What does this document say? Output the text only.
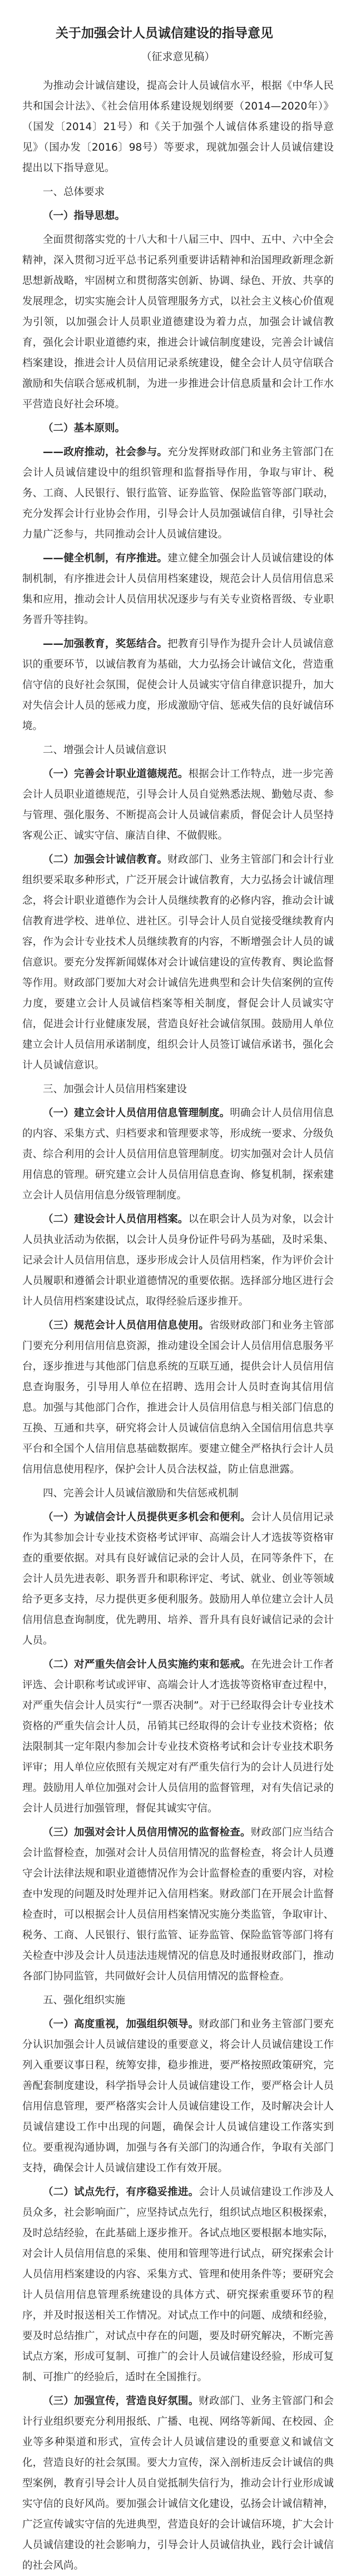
关于加强会计人员诚信建设的指导意见
（征求意见稿）

为推动会计诚信建设，提高会计人员诚信水平，根据《中华人民共和国会计法》、《社会信用体系建设规划纲要（2014—2020年）》（国发〔2014〕21号）和《关于加强个人诚信体系建设的指导意见》（国办发〔2016〕98号）等要求，现就加强会计人员诚信建设提出以下指导意见。

一、总体要求
（一）指导思想。

全面贯彻落实党的十八大和十八届三中、四中、五中、六中全会精神，深入贯彻习近平总书记系列重要讲话精神和治国理政新理念新思想新战略，牢固树立和贯彻落实创新、协调、绿色、开放、共享的发展理念，切实实施会计人员管理服务方式，以社会主义核心价值观为引领，以加强会计人员职业道德建设为着力点，加强会计诚信教育，强化会计职业道德约束，推进会计诚信制度建设，完善会计诚信档案建设，推进会计人员信用记录系统建设，健全会计人员守信联合激励和失信联合惩戒机制，为进一步推进会计信息质量和会计工作水平营造良好社会环境。

（二）基本原则。

——政府推动，社会参与。充分发挥财政部门和业务主管部门在会计人员诚信建设中的组织管理和监督指导作用，争取与审计、税务、工商、人民银行、银行监管、证券监管、保险监管等部门联动，充分发挥会计行业协会作用，引导会计人员加强诚信自律，引导社会力量广泛参与，共同推动会计人员诚信建设。

——健全机制，有序推进。建立健全加强会计人员诚信建设的体制机制，有序推进会计人员信用档案建设，规范会计人员信用信息采集和应用，推动会计人员信用状况逐步与有关专业资格晋级、专业职务晋升等挂钩。

——加强教育，奖惩结合。把教育引导作为提升会计人员诚信意识的重要环节，以诚信教育为基础，大力弘扬会计诚信文化，营造重信守信的良好社会氛围，促使会计人员诚实守信自律意识提升，加大对失信会计人员的惩戒力度，形成激励守信、惩戒失信的良好诚信环境。

二、增强会计人员诚信意识

（一）完善会计职业道德规范。根据会计工作特点，进一步完善会计人员职业道德规范，引导会计人员自觉熟悉法规、勤勉尽责、参与管理、强化服务、不断提高会计人员诚信素质，督促会计人员坚持客观公正、诚实守信、廉洁自律、不做假账。

（二）加强会计诚信教育。财政部门、业务主管部门和会计行业组织要采取多种形式，广泛开展会计诚信教育，大力弘扬会计诚信理念，将会计职业道德作为会计人员继续教育的必修内容，推动会计诚信教育进学校、进单位、进社区。引导会计人员自觉接受继续教育内容，作为会计专业技术人员继续教育的内容，不断增强会计人员的诚信意识。要充分发挥新闻媒体对会计诚信建设的宣传教育、舆论监督等作用。财政部门要加大对会计诚信先进典型和会计失信案例的宣传力度，要建立会计人员诚信档案等相关制度，督促会计人员诚实守信，促进会计行业健康发展，营造良好社会诚信氛围。鼓励用人单位建立会计人员信用承诺制度，组织会计人员签订诚信承诺书，强化会计人员诚信意识。

三、加强会计人员信用档案建设

（一）建立会计人员信用信息管理制度。明确会计人员信用信息的内容、采集方式、归档要求和管理要求等，形成统一要求、分级负责、综合利用的会计人员信用信息管理制度。切实加强对会计人员信用信息的管理。研究建立会计人员信用信息查询、修复机制，探索建立会计人员信用信息分级管理制度。

（二）建设会计人员信用档案。以在职会计人员为对象，以会计人员执业活动为依据，以会计人员身份证件号码为基础，及时采集、记录会计人员信用信息，逐步形成会计人员信用档案，作为评价会计人员履职和遵循会计职业道德情况的重要依据。选择部分地区进行会计人员信用档案建设试点，取得经验后逐步推开。

（三）规范会计人员信用信息使用。省级财政部门和业务主管部门要充分利用信用信息资源，推动建设全国会计人员信用信息服务平台，逐步推进与其他部门信息系统的互联互通，提供会计人员信用信息查询服务，引导用人单位在招聘、选用会计人员时查询其信用信息。加强与其他部门合作，推进会计人员信用信息与相关部门信息的互换、互通和共享，研究将会计人员诚信信息纳入全国信用信息共享平台和全国个人信用信息基础数据库。要建立健全严格执行会计人员信用信息使用程序，保护会计人员合法权益，防止信息泄露。

四、完善会计人员诚信激励和失信惩戒机制

（一）为诚信会计人员提供更多机会和便利。会计人员信用记录作为其参加会计专业技术资格考试评审、高端会计人才选拔等资格审查的重要依据。对具有良好诚信记录的会计人员，在同等条件下，在会计人员先进表彰、职务晋升和职称评定、考试、就业、创业等领域给予更多支持，尽力提供更多便利服务。鼓励用人单位建立会计人员信用信息查询制度，优先聘用、培养、晋升具有良好诚信记录的会计人员。

（二）对严重失信会计人员实施约束和惩戒。在先进会计工作者评选、会计职称考试或评审、高端会计人才选拔等资格审查过程中，对严重失信会计人员实行“一票否决制”。对于已经取得会计专业技术资格的严重失信会计人员，吊销其已经取得的会计专业技术资格；依法限制其一定年限内参加会计专业技术资格考试和会计专业技术职务评审；用人单位应依照有关规定对有严重失信行为的会计人员进行处理。鼓励用人单位加强对会计人员信用的监督管理，对有失信记录的会计人员进行加强管理，督促其诚实守信。

（三）加强对会计人员信用情况的监督检查。财政部门应当结合会计监督检查，加强对会计人员信用情况的监督检查，将会计人员遵守会计法律法规和职业道德情况作为会计监督检查的重要内容，对检查中发现的问题及时处理并记入信用档案。财政部门在开展会计监督检查时，可以根据会计人员信用档案情况实施分类监管，争取审计、税务、工商、人民银行、银行监管、证券监管、保险监管等部门将有关检查中涉及会计人员违法违规情况的信息及时通报财政部门，推动各部门协同监管，共同做好会计人员信用情况的监督检查。

五、强化组织实施

（一）高度重视，加强组织领导。财政部门和业务主管部门要充分认识加强会计人员诚信建设的重要意义，将会计人员诚信建设工作列入重要议事日程，统筹安排，稳步推进，要严格按照政策研究，完善配套制度建设，科学指导会计人员诚信建设工作，要严格会计人员信用信息管理，要严格落实会计人员诚信建设工作，及时解决会计人员诚信建设工作中出现的问题，确保会计人员诚信建设工作落实到位。要重视沟通协调，加强与各有关部门的沟通合作，争取有关部门支持，确保会计人员诚信建设工作有效开展。

（二）试点先行，有序稳妥推进。会计人员诚信建设工作涉及人员众多，社会影响面广，应坚持试点先行，组织试点地区积极探索，及时总结经验，在此基础上逐步推开。各试点地区要根据本地实际，对会计人员信用信息的采集、使用和管理等进行试点，研究探索会计人员信用档案建设的内容、采集方式、管理和使用条件等；要研究会计人员信用信息管理系统建设的具体方式、研究探索重要环节的程序，并及时报送相关工作情况。对试点工作中的问题、成绩和经验，要及时总结推广，对试点中存在的问题，要及时研究解决，不断完善试点方案，形成可复制、可推广的会计人员诚信建设经验，形成可复制、可推广的经验后，适时在全国推行。

（三）加强宣传，营造良好氛围。财政部门、业务主管部门和会计行业组织要充分利用报纸、广播、电视、网络等新闻、在校园、企业等多种渠道和形式，宣传会计人员诚信建设的重要意义和诚信文化，营造良好的社会氛围。要大力宣传，深入剖析违反会计诚信的典型案例，教育引导会计人员自觉抵制失信行为，推动会计行业形成诚实守信的良好风尚。要加强会计诚信文化建设，弘扬会计诚信精神，广泛宣传诚实守信的先进典型，营造良好的会计诚信环境，扩大会计人员诚信建设的社会影响力，引导会计人员诚信执业，践行会计诚信的社会风尚。
